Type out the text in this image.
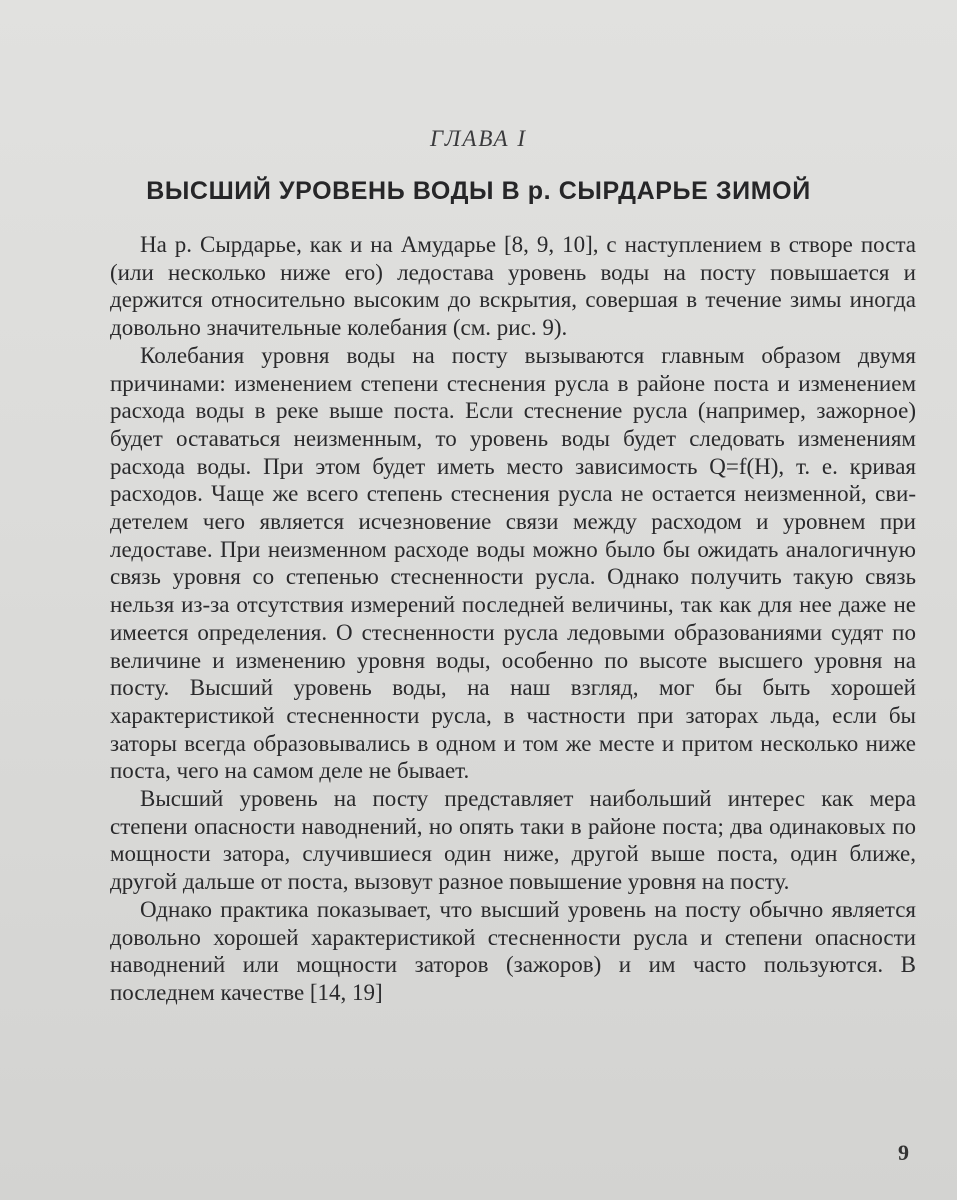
ГЛАВА I
ВЫСШИЙ УРОВЕНЬ ВОДЫ В р. СЫРДАРЬЕ ЗИМОЙ

На р. Сырдарье, как и на Амударье [8, 9, 10], с наступлением в створе поста (или несколько ниже его) ледостава уровень воды на посту повышается и держится относительно высоким до вскрытия, совершая в течение зимы иногда довольно значительные колебания (см. рис. 9).

Колебания уровня воды на посту вызываются главным образом двумя причинами: изменением степени стеснения русла в районе поста и изменением расхода воды в реке выше поста. Если стеснение русла (например, зажорное) будет оставаться неизменным, то уровень воды будет следовать изменениям расхода воды. При этом будет иметь место зависимость Q=f(H), т. е. кривая расходов. Чаще же всего степень стеснения русла не остается неизменной, свидетелем чего является исчезновение связи между расходом и уровнем при ледоставе. При неизменном расходе воды можно было бы ожидать аналогичную связь уровня со степенью стесненности русла. Однако получить такую связь нельзя из-за отсутствия измерений последней величины, так как для нее даже не имеется определения. О стесненности русла ледовыми образованиями судят по величине и изменению уровня воды, особенно по высоте высшего уровня на посту. Высший уровень воды, на наш взгляд, мог бы быть хорошей характеристикой стесненности русла, в частности при заторах льда, если бы заторы всегда образовывались в одном и том же месте и притом несколько ниже поста, чего на самом деле не бывает.

Высший уровень на посту представляет наибольший интерес как мера степени опасности наводнений, но опять таки в районе поста; два одинаковых по мощности затора, случившиеся один ниже, другой выше поста, один ближе, другой дальше от поста, вызовут разное повышение уровня на посту.

Однако практика показывает, что высший уровень на посту обычно является довольно хорошей характеристикой стесненности русла и степени опасности наводнений или мощности заторов (зажоров) и им часто пользуются. В последнем качестве [14, 19]

9
